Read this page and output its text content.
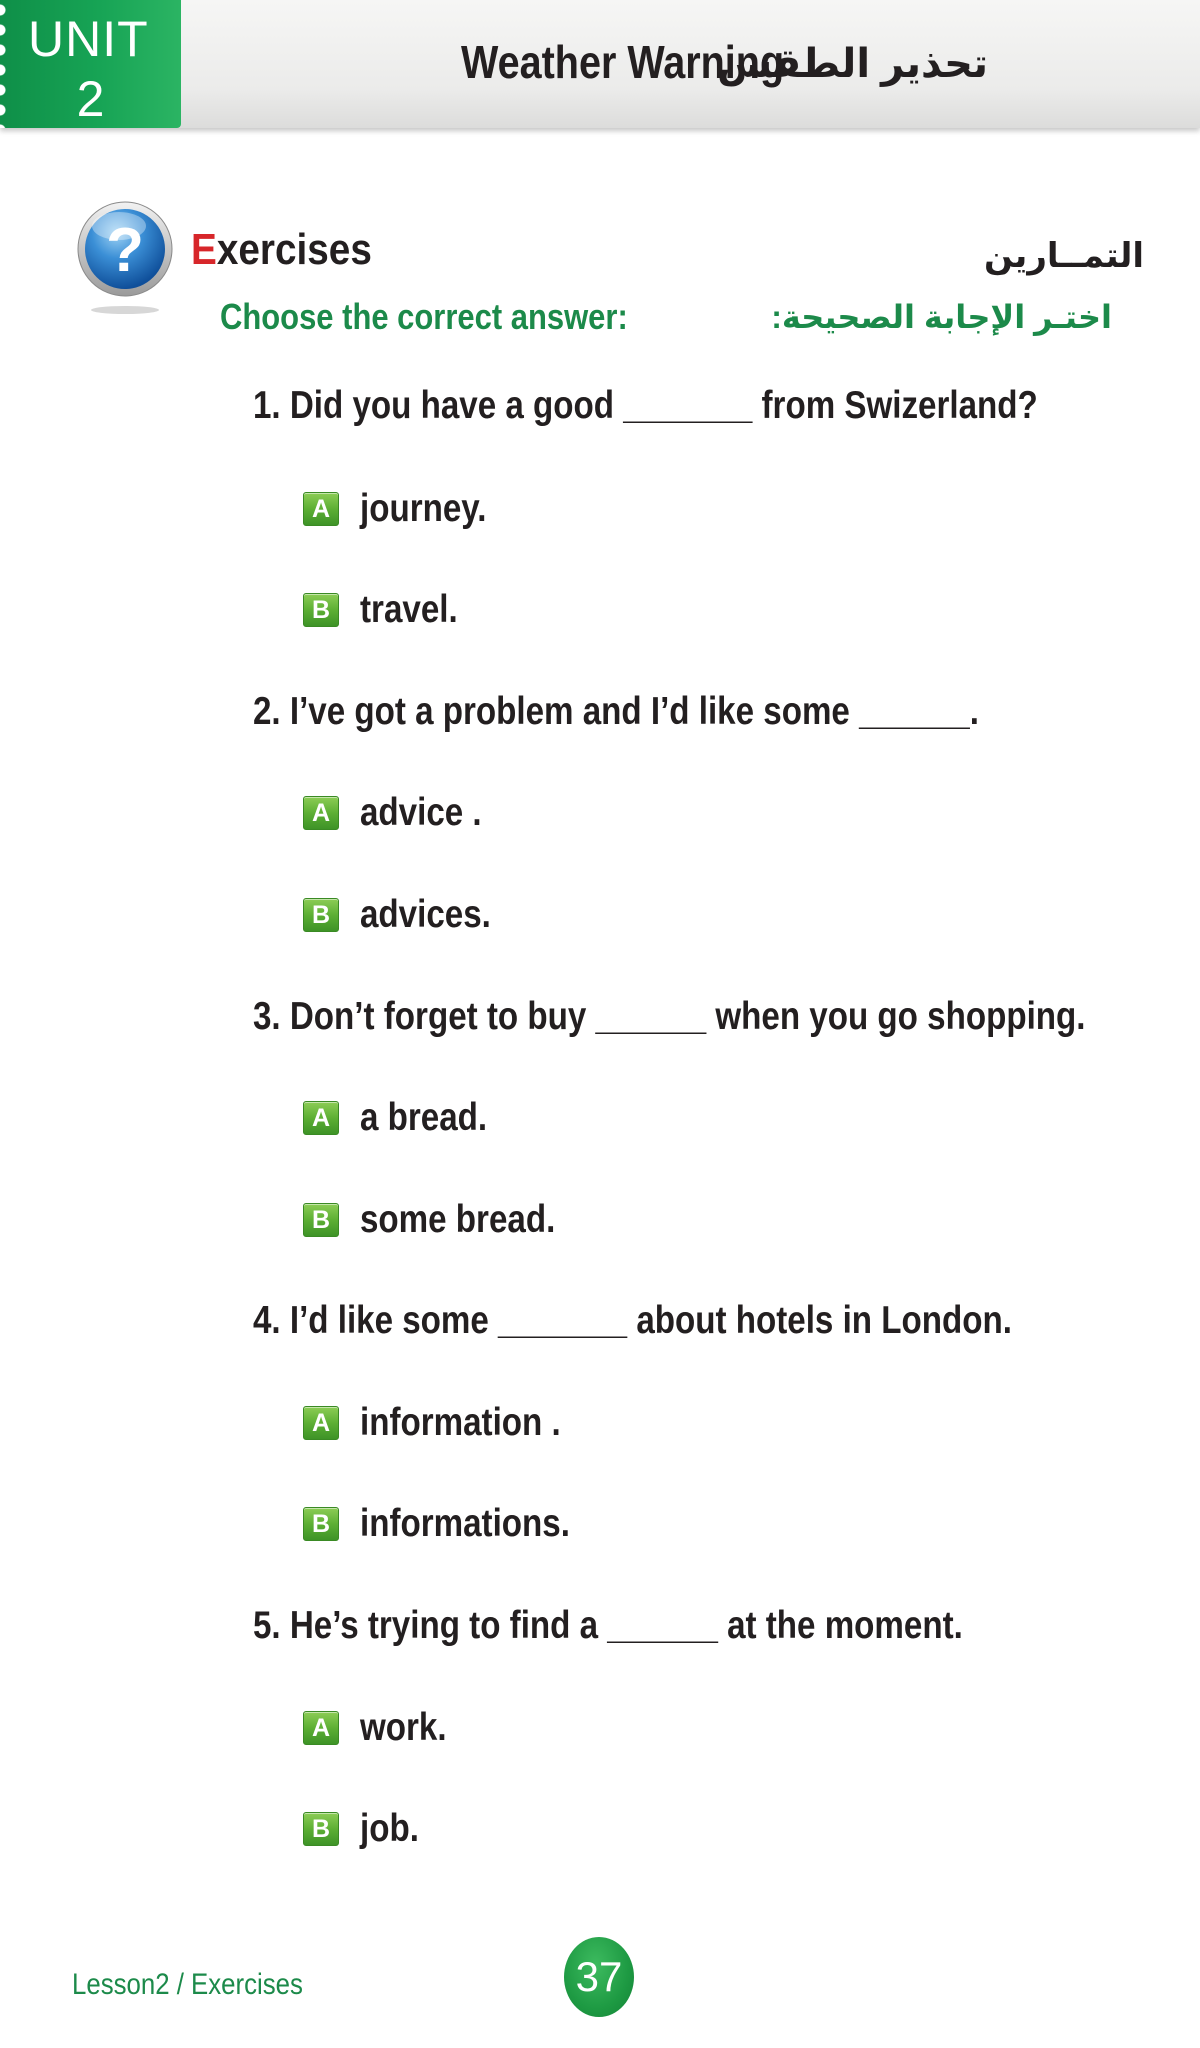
UNIT
2
Weather Warning
تحذير الطقس
? Exercises	التمــارين
Choose the correct answer:	اختـر الإجابة الصحيحة:
1. Did you have a good _______ from Swizerland?
A journey.
B travel.
2. I’ve got a problem and I’d like some ______.
A advice .
B advices.
3. Don’t forget to buy ______ when you go shopping.
A a bread.
B some bread.
4. I’d like some _______ about hotels in London.
A information .
B informations.
5. He’s trying to find a ______ at the moment.
A work.
B job.
Lesson2 / Exercises	37
